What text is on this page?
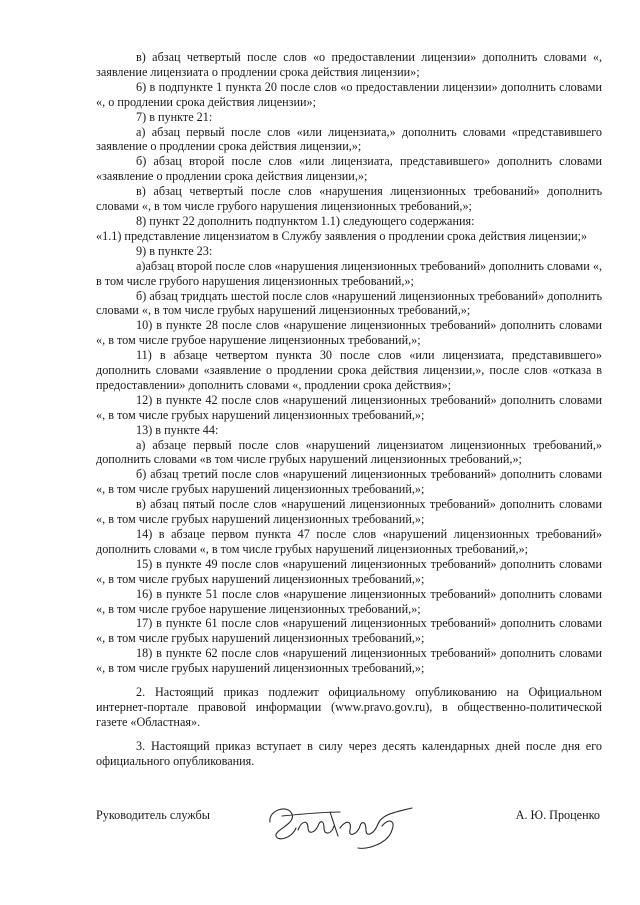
в) абзац четвертый после слов «о предоставлении лицензии» дополнить словами «, заявление лицензиата о продлении срока действия лицензии»;

6) в подпункте 1 пункта 20 после слов «о предоставлении лицензии» дополнить словами «, о продлении срока действия лицензии»;

7) в пункте 21:

а) абзац первый после слов «или лицензиата,» дополнить словами «представившего заявление о продлении срока действия лицензии,»;

б) абзац второй после слов «или лицензиата, представившего» дополнить словами «заявление о продлении срока действия лицензии,»;

в) абзац четвертый после слов «нарушения лицензионных требований» дополнить словами «, в том числе грубого нарушения лицензионных требований,»;

8) пункт 22 дополнить подпунктом 1.1) следующего содержания:

«1.1) представление лицензиатом в Службу заявления о продлении срока действия лицензии;»

9) в пункте 23:

а)абзац второй после слов «нарушения лицензионных требований» дополнить словами «, в том числе грубого нарушения лицензионных требований,»;

б) абзац тридцать шестой после слов «нарушений лицензионных требований» дополнить словами «, в том числе грубых нарушений лицензионных требований,»;

10) в пункте 28 после слов «нарушение лицензионных требований» дополнить словами «, в том числе грубое нарушение лицензионных требований,»;

11) в абзаце четвертом пункта 30 после слов «или лицензиата, представившего» дополнить словами «заявление о продлении срока действия лицензии,», после слов «отказа в предоставлении» дополнить словами «, продлении срока действия»;

12) в пункте 42 после слов «нарушений лицензионных требований» дополнить словами «, в том числе грубых нарушений лицензионных требований,»;

13) в пункте 44:

а) абзаце первый после слов «нарушений лицензиатом лицензионных требований,» дополнить словами «в том числе грубых нарушений лицензионных требований,»;

б) абзац третий после слов «нарушений лицензионных требований» дополнить словами «, в том числе грубых нарушений лицензионных требований,»;

в) абзац пятый после слов «нарушений лицензионных требований» дополнить словами «, в том числе грубых нарушений лицензионных требований,»;

14) в абзаце первом пункта 47 после слов «нарушений лицензионных требований» дополнить словами «, в том числе грубых нарушений лицензионных требований,»;

15) в пункте 49 после слов «нарушений лицензионных требований» дополнить словами «, в том числе грубых нарушений лицензионных требований,»;

16) в пункте 51 после слов «нарушение лицензионных требований» дополнить словами «, в том числе грубое нарушение лицензионных требований,»;

17) в пункте 61 после слов «нарушений лицензионных требований» дополнить словами «, в том числе грубых нарушений лицензионных требований,»;

18) в пункте 62 после слов «нарушений лицензионных требований» дополнить словами «, в том числе грубых нарушений лицензионных требований,»;

2. Настоящий приказ подлежит официальному опубликованию на Официальном интернет-портале правовой информации (www.pravo.gov.ru), в общественно-политической газете «Областная».

3. Настоящий приказ вступает в силу через десять календарных дней после дня его официального опубликования.

Руководитель службы	А. Ю. Проценко
